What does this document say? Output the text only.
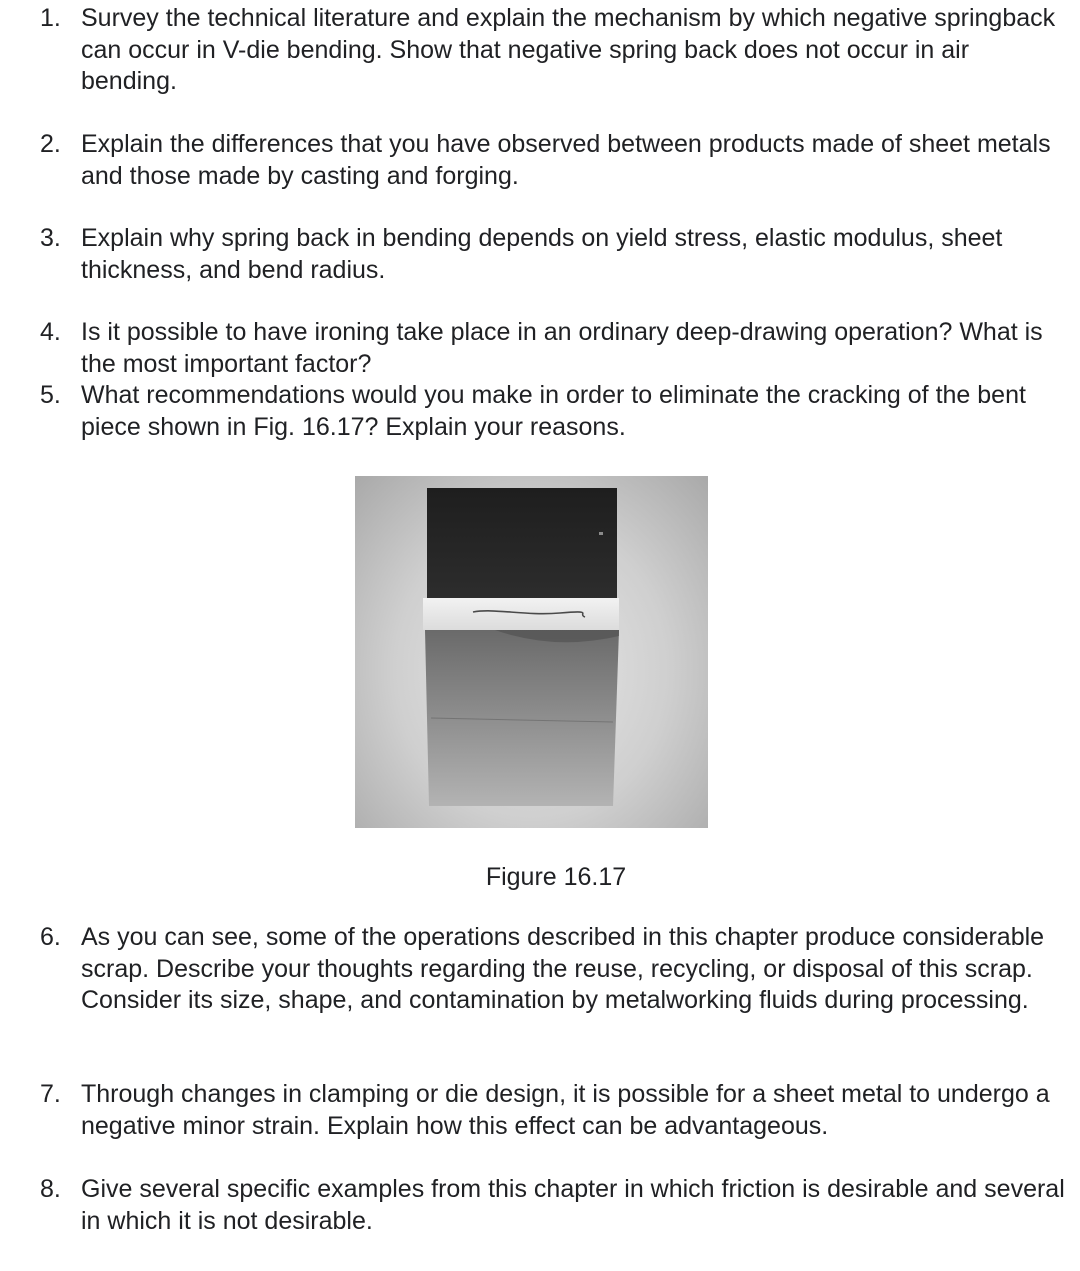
1. Survey the technical literature and explain the mechanism by which negative springback can occur in V-die bending. Show that negative spring back does not occur in air bending.
2. Explain the differences that you have observed between products made of sheet metals and those made by casting and forging.
3. Explain why spring back in bending depends on yield stress, elastic modulus, sheet thickness, and bend radius.
4. Is it possible to have ironing take place in an ordinary deep-drawing operation? What is the most important factor?
5. What recommendations would you make in order to eliminate the cracking of the bent piece shown in Fig. 16.17? Explain your reasons.
Figure 16.17
6. As you can see, some of the operations described in this chapter produce considerable scrap. Describe your thoughts regarding the reuse, recycling, or disposal of this scrap. Consider its size, shape, and contamination by metalworking fluids during processing.
7. Through changes in clamping or die design, it is possible for a sheet metal to undergo a negative minor strain. Explain how this effect can be advantageous.
8. Give several specific examples from this chapter in which friction is desirable and several in which it is not desirable.
